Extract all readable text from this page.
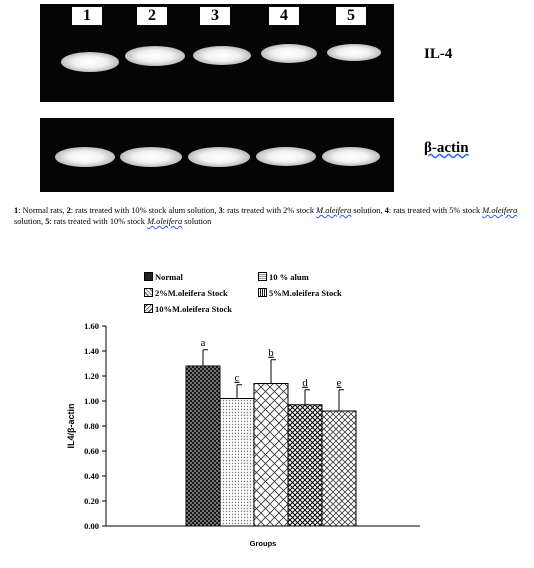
1	2	3	4	5
IL-4
β-actin
1: Normal rats, 2: rats treated with 10% stock alum solution, 3: rats treated with 2% stock M.oleifera solution, 4: rats treated with 5% stock M.oleifera solution, 5: rats treated with 10% stock M.oleifera solution
Normal	10 % alum
2%M.oleifera Stock	5%M.oleifera Stock
10%M.oleifera Stock
0.00
0.20
0.40
0.60
0.80
1.00
1.20
1.40
1.60
IL4/β-actin
Groups
a
c
b
d	e
